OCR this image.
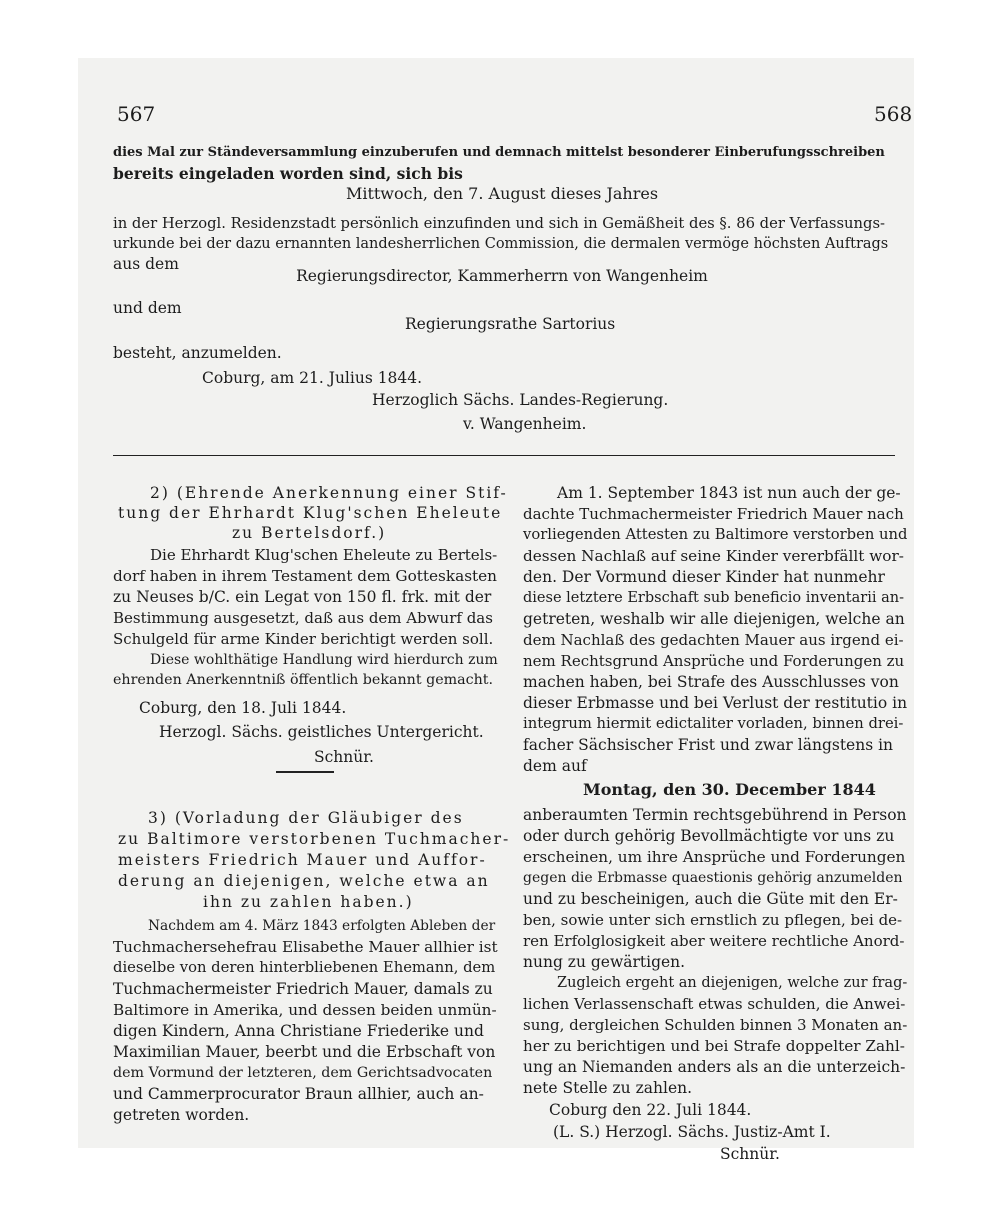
567	568
dies Mal zur Ständeversammlung einzuberufen und demnach mittelst besonderer Einberufungsschreiben
bereits eingeladen worden sind, sich bis
Mittwoch, den 7. August dieses Jahres
in der Herzogl. Residenzstadt persönlich einzufinden und sich in Gemäßheit des §. 86 der Verfassungs-
urkunde bei der dazu ernannten landesherrlichen Commission, die dermalen vermöge höchsten Auftrags
aus dem
Regierungsdirector, Kammerherrn von Wangenheim
und dem
Regierungsrathe Sartorius
besteht, anzumelden.
Coburg, am 21. Julius 1844.
Herzoglich Sächs. Landes-Regierung.
v. Wangenheim.
2) (Ehrende Anerkennung einer Stif-
tung der Ehrhardt Klug'schen Eheleute
zu Bertelsdorf.)
Die Ehrhardt Klug'schen Eheleute zu Bertels-
dorf haben in ihrem Testament dem Gotteskasten
zu Neuses b/C. ein Legat von 150 fl. frk. mit der
Bestimmung ausgesetzt, daß aus dem Abwurf das
Schulgeld für arme Kinder berichtigt werden soll.
Diese wohlthätige Handlung wird hierdurch zum
ehrenden Anerkenntniß öffentlich bekannt gemacht.
Coburg, den 18. Juli 1844.
Herzogl. Sächs. geistliches Untergericht.
Schnür.
3) (Vorladung der Gläubiger des
zu Baltimore verstorbenen Tuchmacher-
meisters Friedrich Mauer und Auffor-
derung an diejenigen, welche etwa an
ihn zu zahlen haben.)
Nachdem am 4. März 1843 erfolgten Ableben der
Tuchmachersehefrau Elisabethe Mauer allhier ist
dieselbe von deren hinterbliebenen Ehemann, dem
Tuchmachermeister Friedrich Mauer, damals zu
Baltimore in Amerika, und dessen beiden unmün-
digen Kindern, Anna Christiane Friederike und
Maximilian Mauer, beerbt und die Erbschaft von
dem Vormund der letzteren, dem Gerichtsadvocaten
und Cammerprocurator Braun allhier, auch an-
getreten worden.
Am 1. September 1843 ist nun auch der ge-
dachte Tuchmachermeister Friedrich Mauer nach
vorliegenden Attesten zu Baltimore verstorben und
dessen Nachlaß auf seine Kinder vererbfällt wor-
den. Der Vormund dieser Kinder hat nunmehr
diese letztere Erbschaft sub beneficio inventarii an-
getreten, weshalb wir alle diejenigen, welche an
dem Nachlaß des gedachten Mauer aus irgend ei-
nem Rechtsgrund Ansprüche und Forderungen zu
machen haben, bei Strafe des Ausschlusses von
dieser Erbmasse und bei Verlust der restitutio in
integrum hiermit edictaliter vorladen, binnen drei-
facher Sächsischer Frist und zwar längstens in
dem auf
Montag, den 30. December 1844
anberaumten Termin rechtsgebührend in Person
oder durch gehörig Bevollmächtigte vor uns zu
erscheinen, um ihre Ansprüche und Forderungen
gegen die Erbmasse quaestionis gehörig anzumelden
und zu bescheinigen, auch die Güte mit den Er-
ben, sowie unter sich ernstlich zu pflegen, bei de-
ren Erfolglosigkeit aber weitere rechtliche Anord-
nung zu gewärtigen.
Zugleich ergeht an diejenigen, welche zur frag-
lichen Verlassenschaft etwas schulden, die Anwei-
sung, dergleichen Schulden binnen 3 Monaten an-
her zu berichtigen und bei Strafe doppelter Zahl-
ung an Niemanden anders als an die unterzeich-
nete Stelle zu zahlen.
Coburg den 22. Juli 1844.
(L. S.) Herzogl. Sächs. Justiz-Amt I.
Schnür.
